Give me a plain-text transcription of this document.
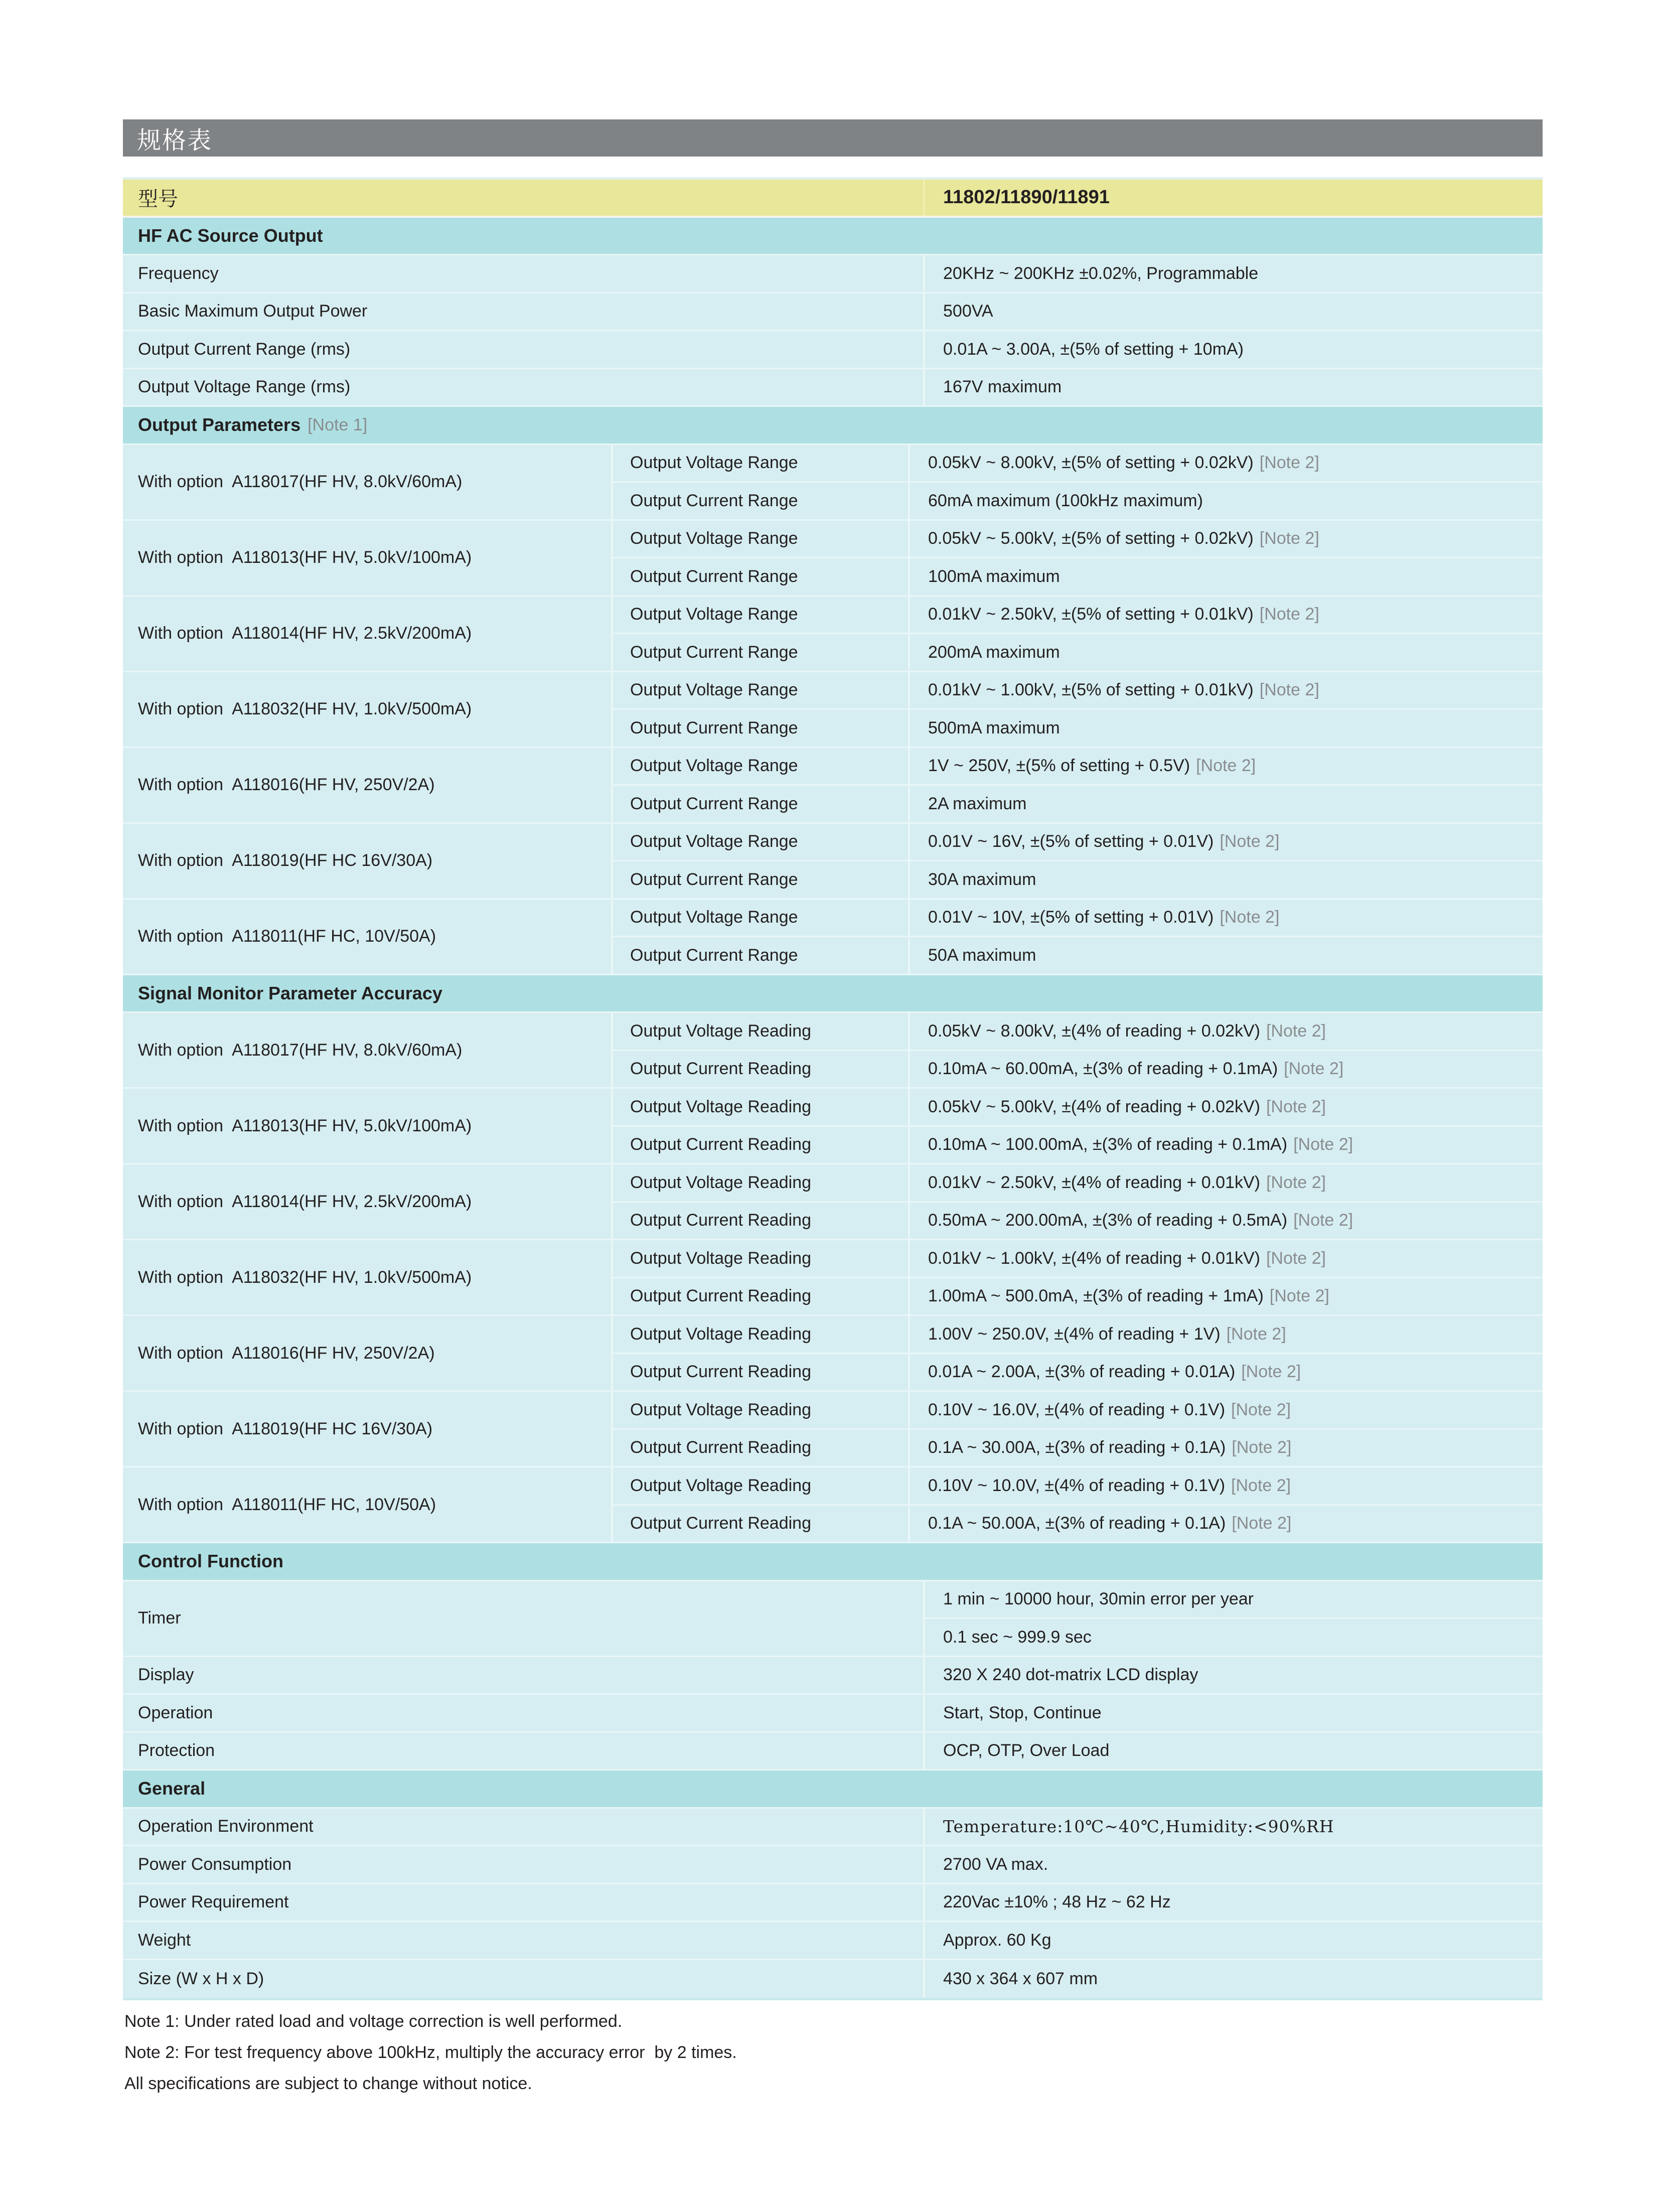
规格表
型号	11802/11890/11891
HF AC Source Output
Frequency	20KHz ~ 200KHz ±0.02%, Programmable
Basic Maximum Output Power	500VA
Output Current Range (rms)	0.01A ~ 3.00A, ±(5% of setting + 10mA)
Output Voltage Range (rms)	167V maximum
Output Parameters [Note 1]
With option  A118017(HF HV, 8.0kV/60mA)
Output Voltage Range	0.05kV ~ 8.00kV, ±(5% of setting + 0.02kV) [Note 2]
Output Current Range	60mA maximum (100kHz maximum)
With option  A118013(HF HV, 5.0kV/100mA)
Output Voltage Range	0.05kV ~ 5.00kV, ±(5% of setting + 0.02kV) [Note 2]
Output Current Range	100mA maximum
With option  A118014(HF HV, 2.5kV/200mA)
Output Voltage Range	0.01kV ~ 2.50kV, ±(5% of setting + 0.01kV) [Note 2]
Output Current Range	200mA maximum
With option  A118032(HF HV, 1.0kV/500mA)
Output Voltage Range	0.01kV ~ 1.00kV, ±(5% of setting + 0.01kV) [Note 2]
Output Current Range	500mA maximum
With option  A118016(HF HV, 250V/2A)
Output Voltage Range	1V ~ 250V, ±(5% of setting + 0.5V) [Note 2]
Output Current Range	2A maximum
With option  A118019(HF HC 16V/30A)
Output Voltage Range	0.01V ~ 16V, ±(5% of setting + 0.01V) [Note 2]
Output Current Range	30A maximum
With option  A118011(HF HC, 10V/50A)
Output Voltage Range	0.01V ~ 10V, ±(5% of setting + 0.01V) [Note 2]
Output Current Range	50A maximum
Signal Monitor Parameter Accuracy
With option  A118017(HF HV, 8.0kV/60mA)
Output Voltage Reading	0.05kV ~ 8.00kV, ±(4% of reading + 0.02kV) [Note 2]
Output Current Reading	0.10mA ~ 60.00mA, ±(3% of reading + 0.1mA) [Note 2]
With option  A118013(HF HV, 5.0kV/100mA)
Output Voltage Reading	0.05kV ~ 5.00kV, ±(4% of reading + 0.02kV) [Note 2]
Output Current Reading	0.10mA ~ 100.00mA, ±(3% of reading + 0.1mA) [Note 2]
With option  A118014(HF HV, 2.5kV/200mA)
Output Voltage Reading	0.01kV ~ 2.50kV, ±(4% of reading + 0.01kV) [Note 2]
Output Current Reading	0.50mA ~ 200.00mA, ±(3% of reading + 0.5mA) [Note 2]
With option  A118032(HF HV, 1.0kV/500mA)
Output Voltage Reading	0.01kV ~ 1.00kV, ±(4% of reading + 0.01kV) [Note 2]
Output Current Reading	1.00mA ~ 500.0mA, ±(3% of reading + 1mA) [Note 2]
With option  A118016(HF HV, 250V/2A)
Output Voltage Reading	1.00V ~ 250.0V, ±(4% of reading + 1V) [Note 2]
Output Current Reading	0.01A ~ 2.00A, ±(3% of reading + 0.01A) [Note 2]
With option  A118019(HF HC 16V/30A)
Output Voltage Reading	0.10V ~ 16.0V, ±(4% of reading + 0.1V) [Note 2]
Output Current Reading	0.1A ~ 30.00A, ±(3% of reading + 0.1A) [Note 2]
With option  A118011(HF HC, 10V/50A)
Output Voltage Reading	0.10V ~ 10.0V, ±(4% of reading + 0.1V) [Note 2]
Output Current Reading	0.1A ~ 50.00A, ±(3% of reading + 0.1A) [Note 2]
Control Function
Timer
1 min ~ 10000 hour, 30min error per year
0.1 sec ~ 999.9 sec
Display	320 X 240 dot-matrix LCD display
Operation	Start, Stop, Continue
Protection	OCP, OTP, Over Load
General
Operation Environment	Temperature:10℃~40℃,Humidity:<90%RH
Power Consumption	2700 VA max.
Power Requirement	220Vac ±10% ; 48 Hz ~ 62 Hz
Weight	Approx. 60 Kg
Size (W x H x D)	430 x 364 x 607 mm
Note 1: Under rated load and voltage correction is well performed.
Note 2: For test frequency above 100kHz, multiply the accuracy error  by 2 times.
All specifications are subject to change without notice.
